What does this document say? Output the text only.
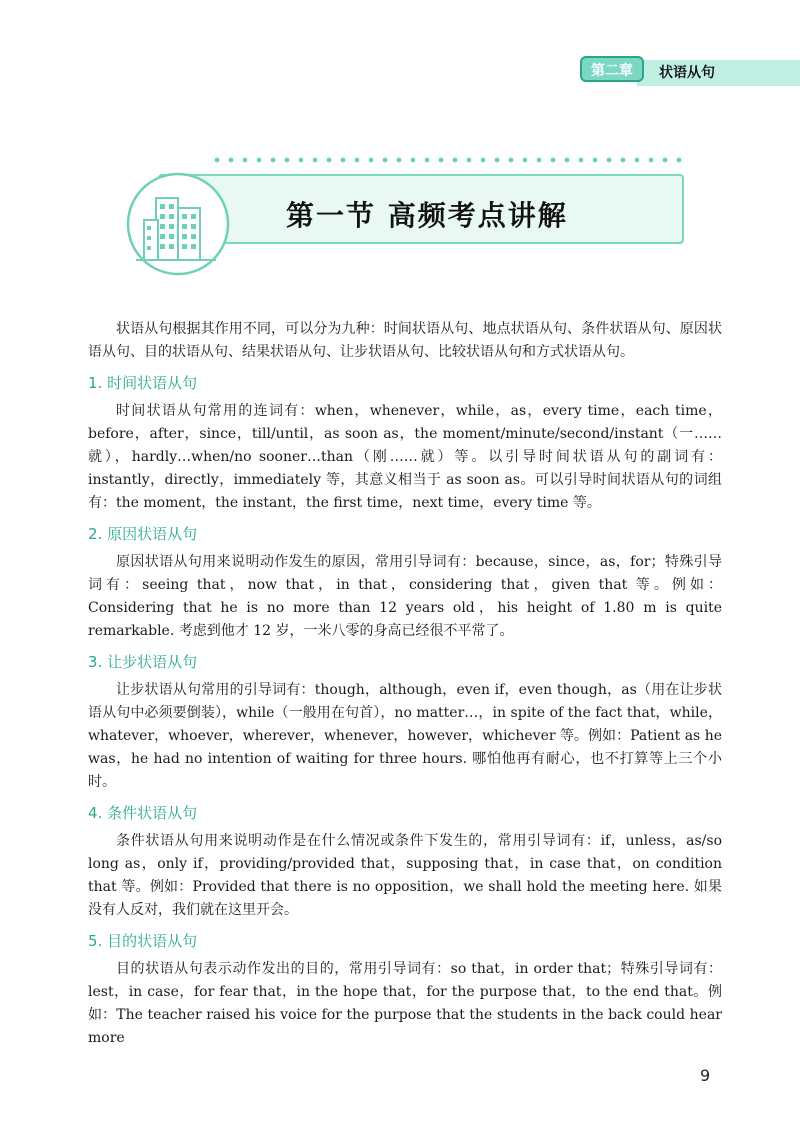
第二章	状语从句
第一节 高频考点讲解

状语从句根据其作用不同，可以分为九种：时间状语从句、地点状语从句、条件状语从句、原因状语从句、目的状语从句、结果状语从句、让步状语从句、比较状语从句和方式状语从句。

1. 时间状语从句

时间状语从句常用的连词有：when，whenever，while，as，every time，each time，before，after，since，till/until，as soon as，the moment/minute/second/instant（一……就），hardly…when/no sooner…than（刚……就）等。以引导时间状语从句的副词有：instantly，directly，immediately 等，其意义相当于 as soon as。可以引导时间状语从句的词组有：the moment，the instant，the first time，next time，every time 等。

2. 原因状语从句

原因状语从句用来说明动作发生的原因，常用引导词有：because，since，as，for；特殊引导词有：seeing that，now that，in that，considering that，given that 等。例如：Considering that he is no more than 12 years old，his height of 1.80 m is quite remarkable. 考虑到他才 12 岁，一米八零的身高已经很不平常了。

3. 让步状语从句

让步状语从句常用的引导词有：though，although，even if，even though，as（用在让步状语从句中必须要倒装），while（一般用在句首），no matter…，in spite of the fact that，while，whatever，whoever，wherever，whenever，however，whichever 等。例如：Patient as he was，he had no intention of waiting for three hours. 哪怕他再有耐心，也不打算等上三个小时。

4. 条件状语从句

条件状语从句用来说明动作是在什么情况或条件下发生的，常用引导词有：if，unless，as/so long as，only if，providing/provided that，supposing that，in case that，on condition that 等。例如：Provided that there is no opposition，we shall hold the meeting here. 如果没有人反对，我们就在这里开会。

5. 目的状语从句

目的状语从句表示动作发出的目的，常用引导词有：so that，in order that；特殊引导词有：lest，in case，for fear that，in the hope that，for the purpose that，to the end that。例如：The teacher raised his voice for the purpose that the students in the back could hear more

9
